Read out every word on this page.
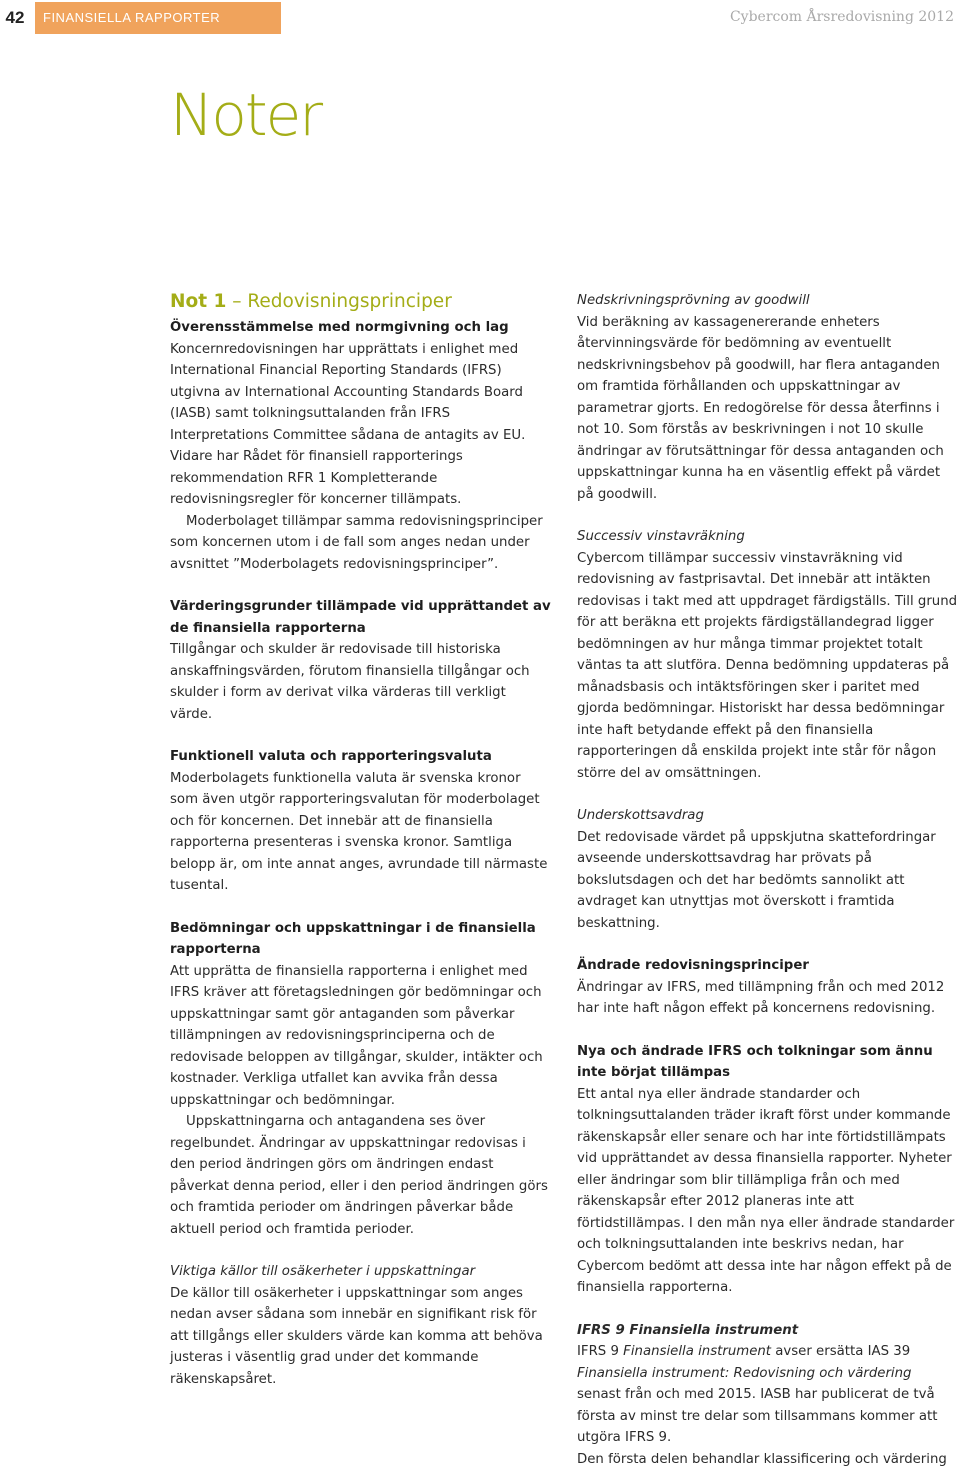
42	FINANSIELLA RAPPORTER	Cybercom Årsredovisning 2012
Noter
Not 1 – Redovisningsprinciper

Överensstämmelse med normgivning och lag

Koncernredovisningen har upprättats i enlighet med International Financial Reporting Standards (IFRS) utgivna av International Accounting Standards Board (IASB) samt tolkningsuttalanden från IFRS Interpretations Committee sådana de antagits av EU. Vidare har Rådet för finansiell rapporterings rekommendation RFR 1 Kompletterande redovisningsregler för koncerner tillämpats.

Moderbolaget tillämpar samma redovisningsprinciper som koncernen utom i de fall som anges nedan under avsnittet ”Moderbolagets redovisningsprinciper”.

Värderingsgrunder tillämpade vid upprättandet av de finansiella rapporterna

Tillgångar och skulder är redovisade till historiska anskaffningsvärden, förutom finansiella tillgångar och skulder i form av derivat vilka värderas till verkligt värde.

Funktionell valuta och rapporteringsvaluta

Moderbolagets funktionella valuta är svenska kronor som även utgör rapporteringsvalutan för moderbolaget och för koncernen. Det innebär att de finansiella rapporterna presenteras i svenska kronor. Samtliga belopp är, om inte annat anges, avrundade till närmaste tusental.

Bedömningar och uppskattningar i de finansiella rapporterna

Att upprätta de finansiella rapporterna i enlighet med IFRS kräver att företagsledningen gör bedömningar och uppskattningar samt gör antaganden som påverkar tillämpningen av redovisningsprinciperna och de redovisade beloppen av tillgångar, skulder, intäkter och kostnader. Verkliga utfallet kan avvika från dessa uppskattningar och bedömningar.

Uppskattningarna och antagandena ses över regelbundet. Ändringar av uppskattningar redovisas i den period ändringen görs om ändringen endast påverkat denna period, eller i den period ändringen görs och framtida perioder om ändringen påverkar både aktuell period och framtida perioder.

Viktiga källor till osäkerheter i uppskattningar

De källor till osäkerheter i uppskattningar som anges nedan avser sådana som innebär en signifikant risk för att tillgångs eller skulders värde kan komma att behöva justeras i väsentlig grad under det kommande räkenskapsåret.

Nedskrivningsprövning av goodwill

Vid beräkning av kassagenererande enheters återvinningsvärde för bedömning av eventuellt nedskrivningsbehov på goodwill, har flera antaganden om framtida förhållanden och uppskattningar av parametrar gjorts. En redogörelse för dessa återfinns i not 10. Som förstås av beskrivningen i not 10 skulle ändringar av förutsättningar för dessa antaganden och uppskattningar kunna ha en väsentlig effekt på värdet på goodwill.

Successiv vinstavräkning

Cybercom tillämpar successiv vinstavräkning vid redovisning av fastprisavtal. Det innebär att intäkten redovisas i takt med att uppdraget färdigställs. Till grund för att beräkna ett projekts färdigställandegrad ligger bedömningen av hur många timmar projektet totalt väntas ta att slutföra. Denna bedömning uppdateras på månadsbasis och intäktsföringen sker i paritet med gjorda bedömningar. Historiskt har dessa bedömningar inte haft betydande effekt på den finansiella rapporteringen då enskilda projekt inte står för någon större del av omsättningen.

Underskottsavdrag

Det redovisade värdet på uppskjutna skattefordringar avseende underskottsavdrag har prövats på bokslutsdagen och det har bedömts sannolikt att avdraget kan utnyttjas mot överskott i framtida beskattning.

Ändrade redovisningsprinciper

Ändringar av IFRS, med tillämpning från och med 2012 har inte haft någon effekt på koncernens redovisning.

Nya och ändrade IFRS och tolkningar som ännu inte börjat tillämpas

Ett antal nya eller ändrade standarder och tolkningsuttalanden träder ikraft först under kommande räkenskapsår eller senare och har inte förtidstillämpats vid upprättandet av dessa finansiella rapporter. Nyheter eller ändringar som blir tillämpliga från och med räkenskapsår efter 2012 planeras inte att förtidstillämpas. I den mån nya eller ändrade standarder och tolkningsuttalanden inte beskrivs nedan, har Cybercom bedömt att dessa inte har någon effekt på de finansiella rapporterna.

IFRS 9 Finansiella instrument

IFRS 9 Finansiella instrument avser ersätta IAS 39 Finansiella instrument: Redovisning och värdering senast från och med 2015. IASB har publicerat de två första av minst tre delar som tillsammans kommer att utgöra IFRS 9.

Den första delen behandlar klassificering och värdering
